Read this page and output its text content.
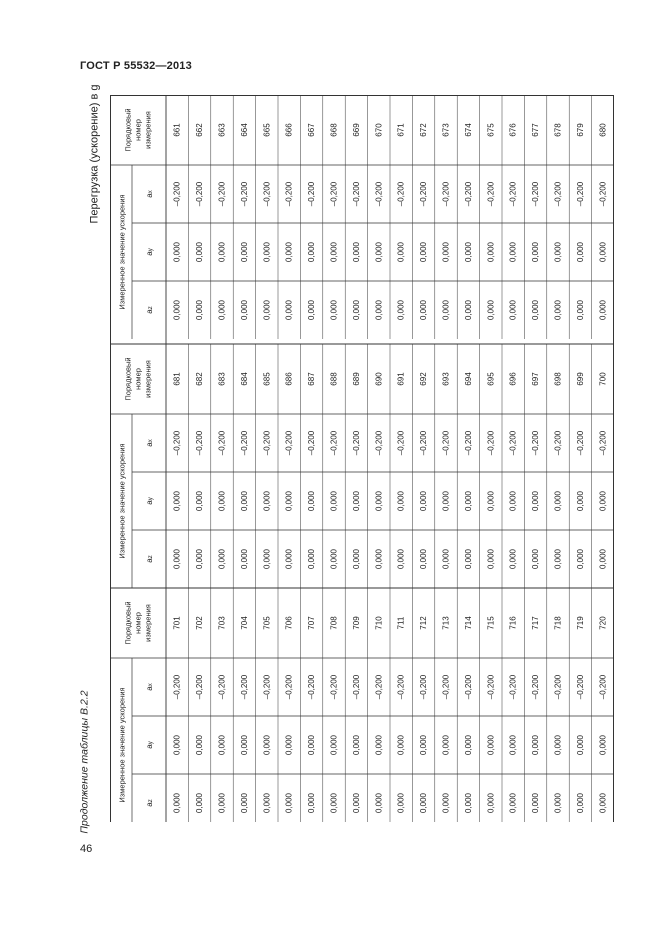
ГОСТ Р 55532—2013
Перегрузка (ускорение) в g
Продолжение таблицы В.2.2
Порядковый номер измерения
Измеренное значение ускорения $a_x$
$a_y$
$a_z$
661
–0,200
0,000
0,000
662
–0,200
0,000
0,000
663
–0,200
0,000
0,000
664
–0,200
0,000
0,000
665
–0,200
0,000
0,000
666
–0,200
0,000
0,000
667
–0,200
0,000
0,000
668
–0,200
0,000
0,000
669
–0,200
0,000
0,000
670
–0,200
0,000
0,000
671
–0,200
0,000
0,000
672
–0,200
0,000
0,000
673
–0,200
0,000
0,000
674
–0,200
0,000
0,000
675
–0,200
0,000
0,000
676
–0,200
0,000
0,000
677
–0,200
0,000
0,000
678
–0,200
0,000
0,000
679
–0,200
0,000
0,000
680
–0,200
0,000
0,000
Порядковый номер измерения
Измеренное значение ускорения $a_x$
$a_y$
$a_z$
681
–0,200
0,000
0,000
682
–0,200
0,000
0,000
683
–0,200
0,000
0,000
684
–0,200
0,000
0,000
685
–0,200
0,000
0,000
686
–0,200
0,000
0,000
687
–0,200
0,000
0,000
688
–0,200
0,000
0,000
689
–0,200
0,000
0,000
690
–0,200
0,000
0,000
691
–0,200
0,000
0,000
692
–0,200
0,000
0,000
693
–0,200
0,000
0,000
694
–0,200
0,000
0,000
695
–0,200
0,000
0,000
696
–0,200
0,000
0,000
697
–0,200
0,000
0,000
698
–0,200
0,000
0,000
699
–0,200
0,000
0,000
700
–0,200
0,000
0,000
Порядковый номер измерения
Измеренное значение ускорения $a_x$
$a_y$
$a_z$
701
–0,200
0,000
0,000
702
–0,200
0,000
0,000
703
–0,200
0,000
0,000
704
–0,200
0,000
0,000
705
–0,200
0,000
0,000
706
–0,200
0,000
0,000
707
–0,200
0,000
0,000
708
–0,200
0,000
0,000
709
–0,200
0,000
0,000
710
–0,200
0,000
0,000
711
–0,200
0,000
0,000
712
–0,200
0,000
0,000
713
–0,200
0,000
0,000
714
–0,200
0,000
0,000
715
–0,200
0,000
0,000
716
–0,200
0,000
0,000
717
–0,200
0,000
0,000
718
–0,200
0,000
0,000
719
–0,200
0,000
0,000
720
–0,200
0,000
0,000
46
